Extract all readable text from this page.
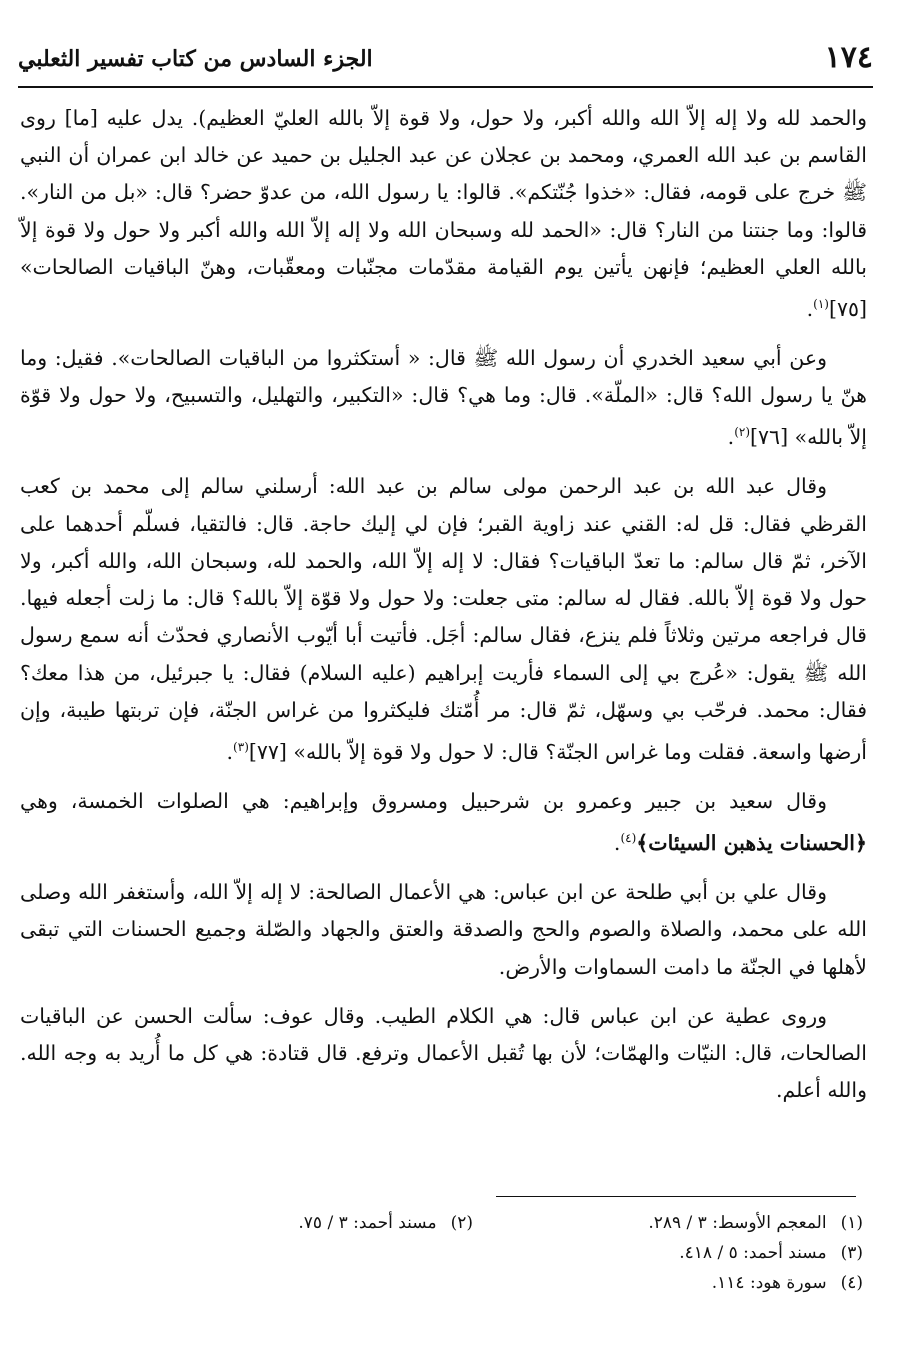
١٧٤
الجزء السادس من كتاب تفسير الثعلبي

والحمد لله ولا إله إلاّ الله والله أكبر، ولا حول، ولا قوة إلاّ بالله العليّ العظيم). يدل عليه [ما] روى القاسم بن عبد الله العمري، ومحمد بن عجلان عن عبد الجليل بن حميد عن خالد ابن عمران أن النبي ﷺ خرج على قومه، فقال: «خذوا جُنّتكم». قالوا: يا رسول الله، من عدوّ حضر؟ قال: «بل من النار». قالوا: وما جنتنا من النار؟ قال: «الحمد لله وسبحان الله ولا إله إلاّ الله والله أكبر ولا حول ولا قوة إلاّ بالله العلي العظيم؛ فإنهن يأتين يوم القيامة مقدّمات مجنّبات ومعقّبات، وهنّ الباقيات الصالحات» [٧٥]$^{(١)}$.

وعن أبي سعيد الخدري أن رسول الله ﷺ قال: « أستكثروا من الباقيات الصالحات». فقيل: وما هنّ يا رسول الله؟ قال: «الملّة». قال: وما هي؟ قال: «التكبير، والتهليل، والتسبيح، ولا حول ولا قوّة إلاّ بالله» [٧٦]$^{(٢)}$.

وقال عبد الله بن عبد الرحمن مولى سالم بن عبد الله: أرسلني سالم إلى محمد بن كعب القرظي فقال: قل له: القني عند زاوية القبر؛ فإن لي إليك حاجة. قال: فالتقيا، فسلّم أحدهما على الآخر، ثمّ قال سالم: ما تعدّ الباقيات؟ فقال: لا إله إلاّ الله، والحمد لله، وسبحان الله، والله أكبر، ولا حول ولا قوة إلاّ بالله. فقال له سالم: متى جعلت: ولا حول ولا قوّة إلاّ بالله؟ قال: ما زلت أجعله فيها. قال فراجعه مرتين وثلاثاً فلم ينزع، فقال سالم: أجَل. فأتيت أبا أيّوب الأنصاري فحدّث أنه سمع رسول الله ﷺ يقول: «عُرج بي إلى السماء فأريت إبراهيم (عليه السلام) فقال: يا جبرئيل، من هذا معك؟ فقال: محمد. فرحّب بي وسهّل، ثمّ قال: مر أُمّتك فليكثروا من غراس الجنّة، فإن تربتها طيبة، وإن أرضها واسعة. فقلت وما غراس الجنّة؟ قال: لا حول ولا قوة إلاّ بالله» [٧٧]$^{(٣)}$.

وقال سعيد بن جبير وعمرو بن شرحبيل ومسروق وإبراهيم: هي الصلوات الخمسة، وهي ﴿الحسنات يذهبن السيئات﴾$^{(٤)}$.

وقال علي بن أبي طلحة عن ابن عباس: هي الأعمال الصالحة: لا إله إلاّ الله، وأستغفر الله وصلى الله على محمد، والصلاة والصوم والحج والصدقة والعتق والجهاد والصّلة وجميع الحسنات التي تبقى لأهلها في الجنّة ما دامت السماوات والأرض.

وروى عطية عن ابن عباس قال: هي الكلام الطيب. وقال عوف: سألت الحسن عن الباقيات الصالحات، قال: النيّات والهمّات؛ لأن بها تُقبل الأعمال وترفع. قال قتادة: هي كل ما أُريد به وجه الله. والله أعلم.

(١)المعجم الأوسط: ٣ / ٢٨٩.
(٢)مسند أحمد: ٣ / ٧٥.
(٣)مسند أحمد: ٥ / ٤١٨.
(٤)سورة هود: ١١٤.
